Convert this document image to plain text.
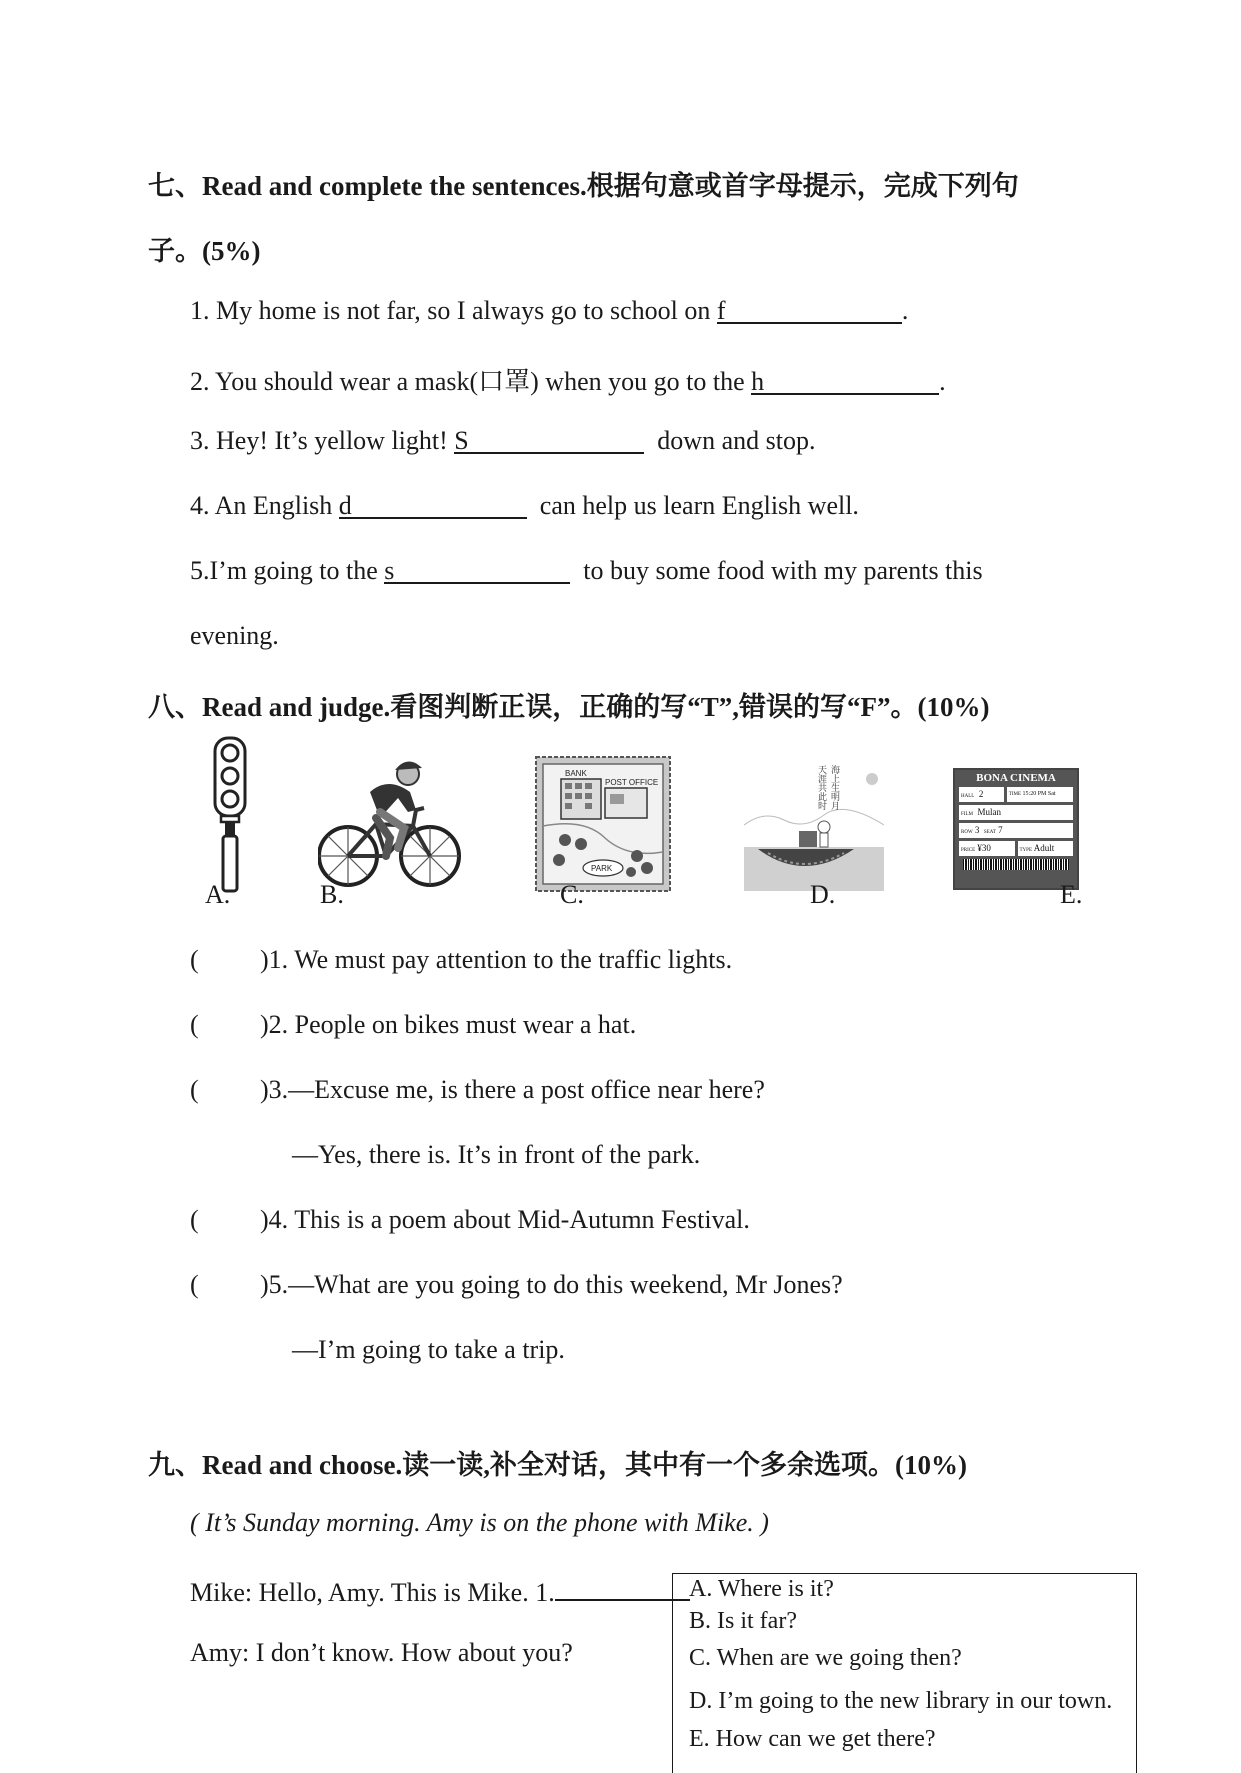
七、Read and complete the sentences.根据句意或首字母提示，完成下列句
子。(5%)
1. My home is not far, so I always go to school on f	.
2. You should wear a mask(口罩) when you go to the h	.
3. Hey! It’s yellow light! S	down and stop.
4. An English d	can help us learn English well.
5.I’m going to the s	to buy some food with my parents this
evening.
八、Read and judge.看图判断正误，正确的写“T”,错误的写“F”。(10%)
A.	B.
BANK
POST OFFICE
PARK
C.
海上生明月
天涯共此时
D.
BONA CINEMA
HALL 2	TIME 15:20 PM Sat
FILM Mulan
ROW 3 SEAT 7
PRICE ¥30	TYPE Adult
E.
( )1. We must pay attention to the traffic lights.
( )2. People on bikes must wear a hat.
( )3.—Excuse me, is there a post office near here?
—Yes, there is. It’s in front of the park.
( )4. This is a poem about Mid-Autumn Festival.
( )5.—What are you going to do this weekend, Mr Jones?
—I’m going to take a trip.
九、Read and choose.读一读,补全对话，其中有一个多余选项。(10%)
( It’s Sunday morning. Amy is on the phone with Mike. )
Mike: Hello, Amy. This is Mike. 1.
Amy: I don’t know. How about you?
A. Where is it?
B. Is it far?
C. When are we going then?
D. I’m going to the new library in our town.
E. How can we get there?
